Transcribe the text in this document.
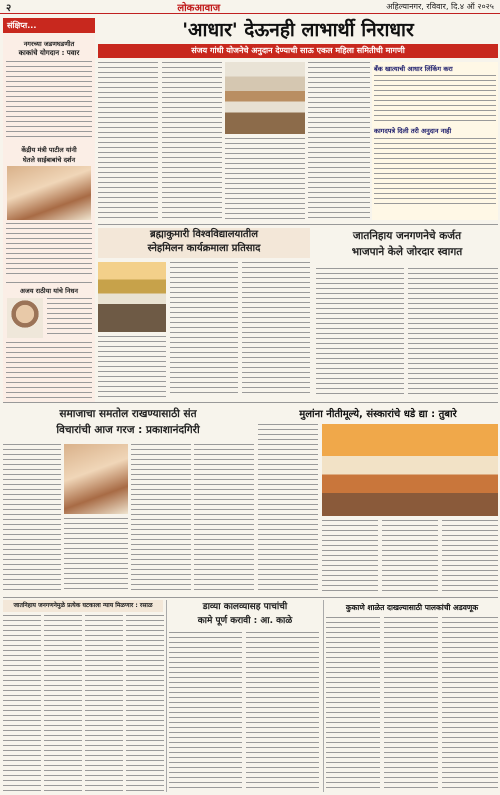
२	लोकआवाज	अहिल्यानगर, रविवार, दि.४ ऑ २०२५
संक्षिप्त...
नगरच्या जडणघडणीत
काकांचे योगदान : पवार
केंद्रीय मंत्री पाटील यांनी
घेतले साईबाबांचे दर्शन
अजय राठीया यांचे निधन
'आधार' देऊनही लाभार्थी निराधार
संजय गांधी योजनेचे अनुदान देण्याची साऊ एकल महिला समितीची मागणी
बँक खात्याची आधार लिंकिंग करा
कागदपत्रे दिली तरी अनुदान नाही
ब्रह्माकुमारी विश्वविद्यालयातील
स्नेहमिलन कार्यक्रमाला प्रतिसाद
जातनिहाय जनगणनेचे कर्जत
भाजपाने केले जोरदार स्वागत
समाजाचा समतोल राखण्यासाठी संत
विचारांची आज गरज : प्रकाशानंदगिरी
मुलांना नीतीमूल्ये, संस्कारांचे धडे द्या : तुबारे
जातनिहाय जनगणनेमुळे प्रत्येक घटकाला न्याय मिळणार : रसाळ	डाव्या कालव्यासह पाचांची
कामे पूर्ण करावी : आ. काळे
कुकाणे शाळेत दाखल्यासाठी पालकांची अडवणूक
